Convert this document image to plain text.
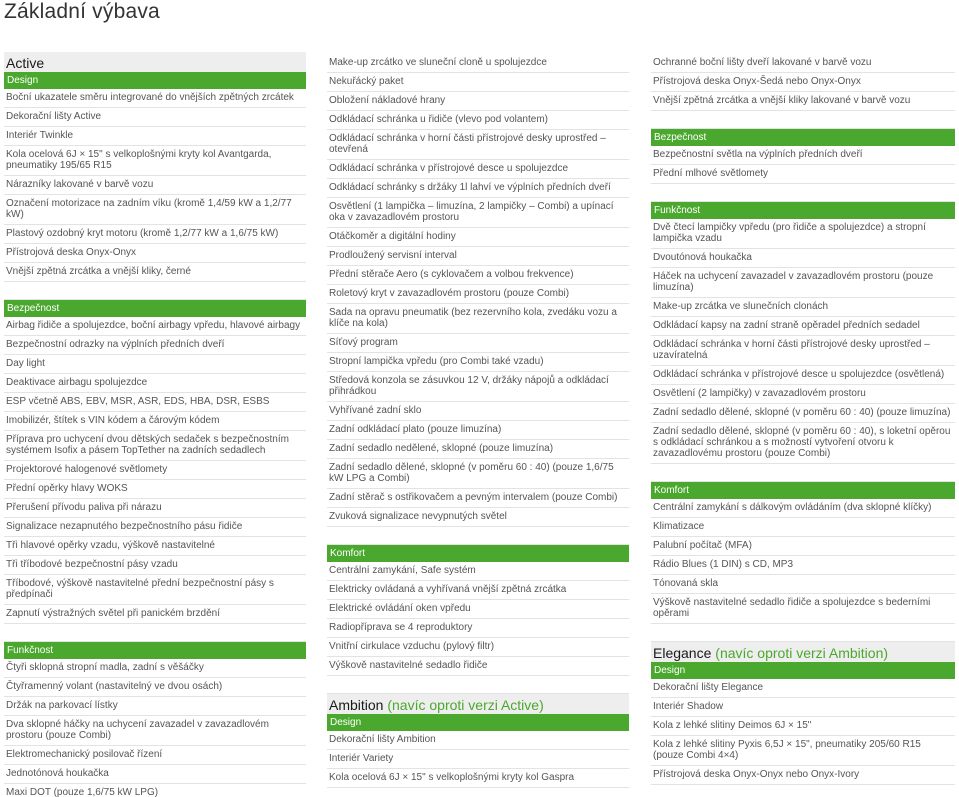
Základní výbava
Active
Design
Boční ukazatele směru integrované do vnějších zpětných zrcátek
Dekorační lišty Active
Interiér Twinkle
Kola ocelová 6J × 15" s velkoplošnými kryty kol Avantgarda, pneumatiky 195/65 R15
Nárazníky lakované v barvě vozu
Označení motorizace na zadním víku (kromě 1,4/59 kW a 1,2/77 kW)
Plastový ozdobný kryt motoru (kromě 1,2/77 kW a 1,6/75 kW)
Přístrojová deska Onyx-Onyx
Vnější zpětná zrcátka a vnější kliky, černé
Bezpečnost
Airbag řidiče a spolujezdce, boční airbagy vpředu, hlavové airbagy
Bezpečnostní odrazky na výplních předních dveří
Day light
Deaktivace airbagu spolujezdce
ESP včetně ABS, EBV, MSR, ASR, EDS, HBA, DSR, ESBS
Imobilizér, štítek s VIN kódem a čárovým kódem
Příprava pro uchycení dvou dětských sedaček s bezpečnostním systémem Isofix a pásem TopTether na zadních sedadlech
Projektorové halogenové světlomety
Přední opěrky hlavy WOKS
Přerušení přívodu paliva při nárazu
Signalizace nezapnutého bezpečnostního pásu řidiče
Tři hlavové opěrky vzadu, výškově nastavitelné
Tři tříbodové bezpečnostní pásy vzadu
Tříbodové, výškově nastavitelné přední bezpečnostní pásy s předpínači
Zapnutí výstražných světel při panickém brzdění
Funkčnost
Čtyři sklopná stropní madla, zadní s věšáčky
Čtyřramenný volant (nastavitelný ve dvou osách)
Držák na parkovací lístky
Dva sklopné háčky na uchycení zavazadel v zavazadlovém prostoru (pouze Combi)
Elektromechanický posilovač řízení
Jednotónová houkačka
Maxi DOT (pouze 1,6/75 kW LPG)
Make-up zrcátko ve sluneční cloně u spolujezdce
Nekuřácký paket
Obložení nákladové hrany
Odkládací schránka u řidiče (vlevo pod volantem)
Odkládací schránka v horní části přístrojové desky uprostřed – otevřená
Odkládací schránka v přístrojové desce u spolujezdce
Odkládací schránky s držáky 1l lahví ve výplních předních dveří
Osvětlení (1 lampička – limuzína, 2 lampičky – Combi) a upínací oka v zavazadlovém prostoru
Otáčkoměr a digitální hodiny
Prodloužený servisní interval
Přední stěrače Aero (s cyklovačem a volbou frekvence)
Roletový kryt v zavazadlovém prostoru (pouze Combi)
Sada na opravu pneumatik (bez rezervního kola, zvedáku vozu a klíče na kola)
Síťový program
Stropní lampička vpředu (pro Combi také vzadu)
Středová konzola se zásuvkou 12 V, držáky nápojů a odkládací přihrádkou
Vyhřívané zadní sklo
Zadní odkládací plato (pouze limuzína)
Zadní sedadlo nedělené, sklopné (pouze limuzína)
Zadní sedadlo dělené, sklopné (v poměru 60 : 40) (pouze 1,6/75 kW LPG a Combi)
Zadní stěrač s ostřikovačem a pevným intervalem (pouze Combi)
Zvuková signalizace nevypnutých světel
Komfort
Centrální zamykání, Safe systém
Elektricky ovládaná a vyhřívaná vnější zpětná zrcátka
Elektrické ovládání oken vpředu
Radiopříprava se 4 reproduktory
Vnitřní cirkulace vzduchu (pylový filtr)
Výškově nastavitelné sedadlo řidiče
Ambition (navíc oproti verzi Active)
Design
Dekorační lišty Ambition
Interiér Variety
Kola ocelová 6J × 15" s velkoplošnými kryty kol Gaspra
Ochranné boční lišty dveří lakované v barvě vozu
Přístrojová deska Onyx-Šedá nebo Onyx-Onyx
Vnější zpětná zrcátka a vnější kliky lakované v barvě vozu
Bezpečnost
Bezpečnostní světla na výplních předních dveří
Přední mlhové světlomety
Funkčnost
Dvě čtecí lampičky vpředu (pro řidiče a spolujezdce) a stropní lampička vzadu
Dvoutónová houkačka
Háček na uchycení zavazadel v zavazadlovém prostoru (pouze limuzína)
Make-up zrcátka ve slunečních clonách
Odkládací kapsy na zadní straně opěradel předních sedadel
Odkládací schránka v horní části přístrojové desky uprostřed – uzavíratelná
Odkládací schránka v přístrojové desce u spolujezdce (osvětlená)
Osvětlení (2 lampičky) v zavazadlovém prostoru
Zadní sedadlo dělené, sklopné (v poměru 60 : 40) (pouze limuzína)
Zadní sedadlo dělené, sklopné (v poměru 60 : 40), s loketní opěrou s odkládací schránkou a s možností vytvoření otvoru k zavazadlovému prostoru (pouze Combi)
Komfort
Centrální zamykání s dálkovým ovládáním (dva sklopné klíčky)
Klimatizace
Palubní počítač (MFA)
Rádio Blues (1 DIN) s CD, MP3
Tónovaná skla
Výškově nastavitelné sedadlo řidiče a spolujezdce s bederními opěrami
Elegance (navíc oproti verzi Ambition)
Design
Dekorační lišty Elegance
Interiér Shadow
Kola z lehké slitiny Deimos 6J × 15"
Kola z lehké slitiny Pyxis 6,5J × 15", pneumatiky 205/60 R15 (pouze Combi 4×4)
Přístrojová deska Onyx-Onyx nebo Onyx-Ivory
